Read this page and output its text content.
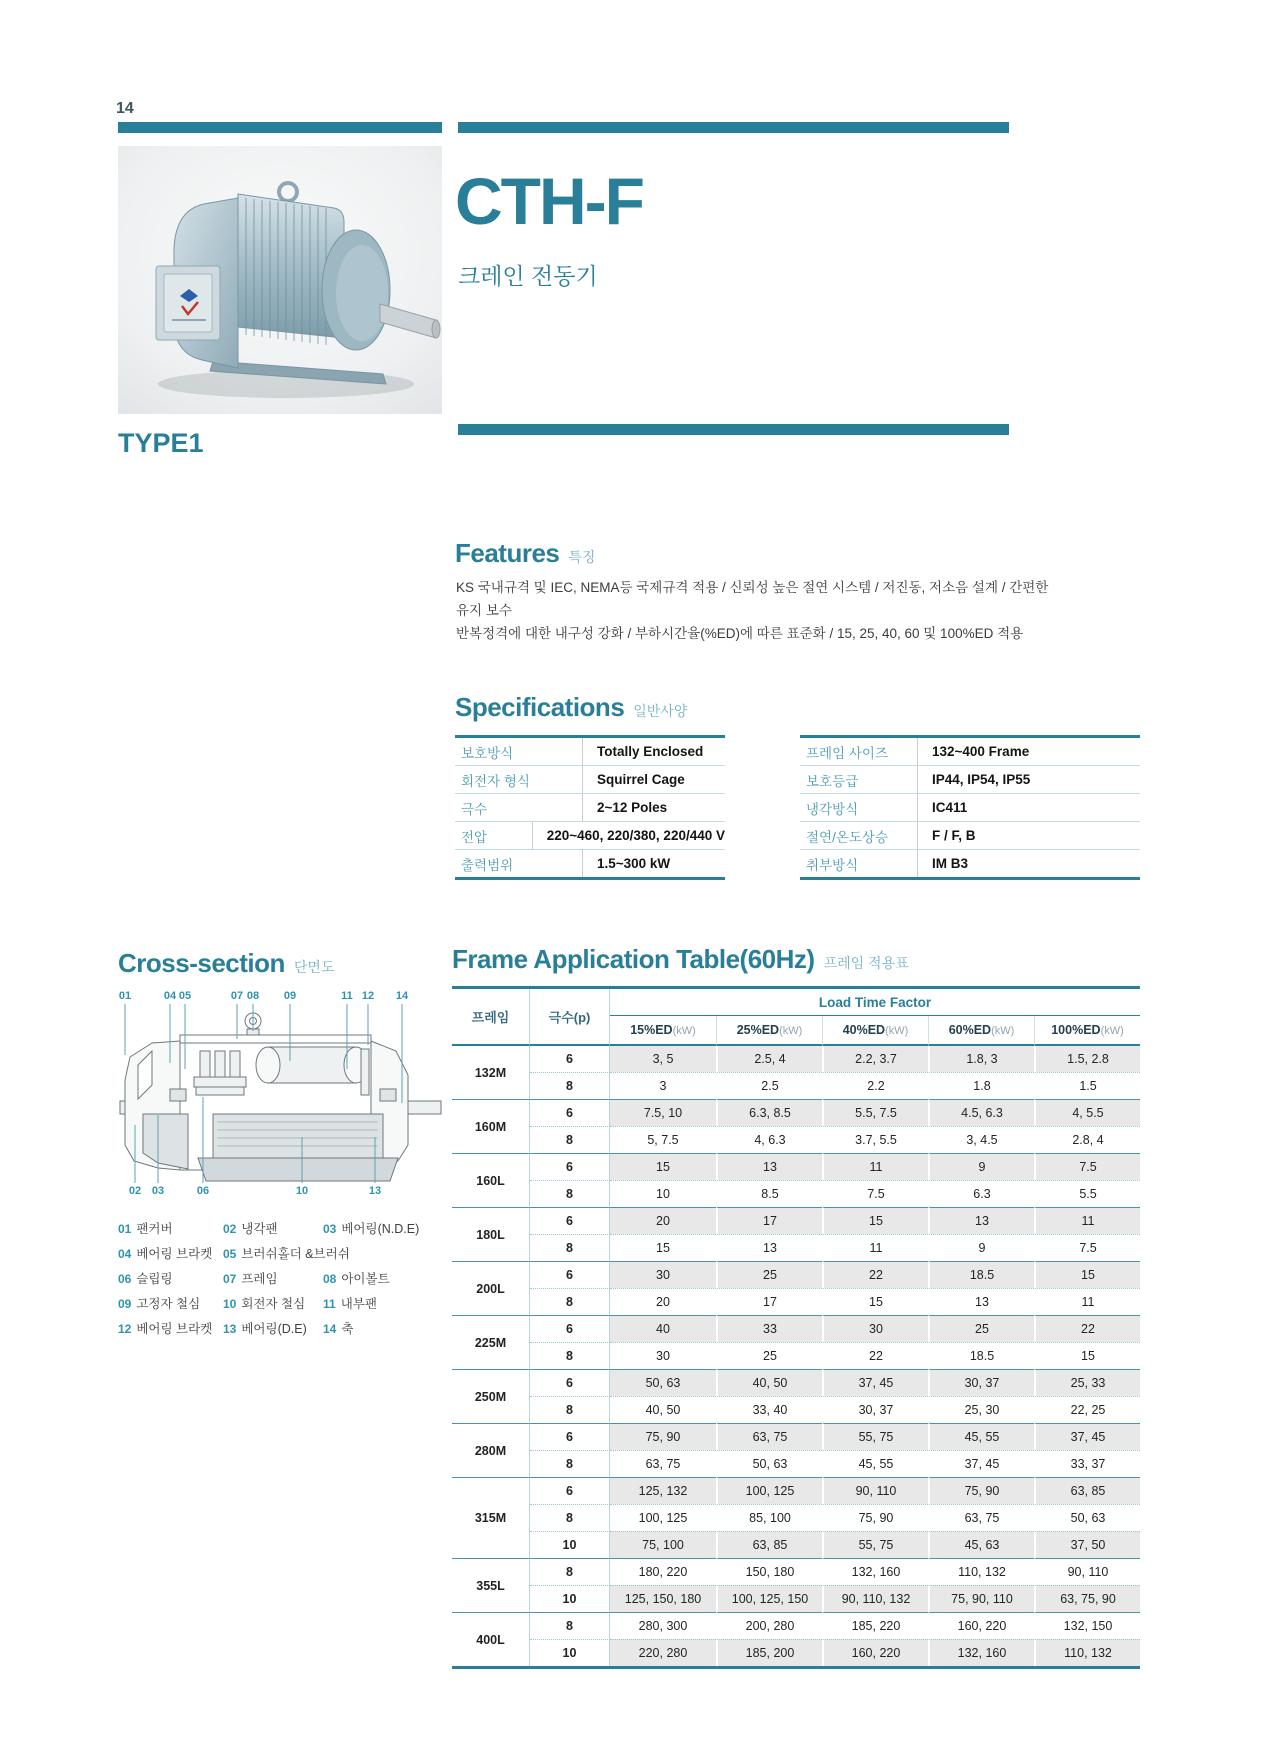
14
TYPE1
CTH-F
크레인 전동기
Features 특징
KS 국내규격 및 IEC, NEMA등 국제규격 적용 / 신뢰성 높은 절연 시스템 / 저진동, 저소음 설계 / 간편한 유지 보수
반복정격에 대한 내구성 강화 / 부하시간율(%ED)에 따른 표준화 / 15, 25, 40, 60 및 100%ED 적용
Specifications 일반사양
보호방식	Totally Enclosed
회전자 형식	Squirrel Cage
극수	2~12 Poles
전압	220~460, 220/380, 220/440 V
출력범위	1.5~300 kW
프레임 사이즈	132~400 Frame
보호등급	IP44, IP54, IP55
냉각방식	IC411
절연/온도상승	F / F, B
취부방식	IM B3
Cross-section 단면도
01	04 05	07 08 09	11 12 14
02 03	06	10	13
01 팬커버	02 냉각팬	03 베어링(N.D.E)
04 베어링 브라켓 05 브러쉬홀더 &브러쉬
06 슬립링	07 프레임	08 아이볼트
09 고정자 철심 10 회전자 철심 11 내부팬
12 베어링 브라켓 13 베어링(D.E) 14 축
Frame Application Table(60Hz) 프레임 적용표
프레임	극수(p)	Load Time Factor				
		15%ED(kW)	25%ED(kW)	40%ED(kW)	60%ED(kW)	100%ED(kW)
132M	6	3, 5	2.5, 4	2.2, 3.7	1.8, 3	1.5, 2.8
	8	3	2.5	2.2	1.8	1.5
160M	6	7.5, 10	6.3, 8.5	5.5, 7.5	4.5, 6.3	4, 5.5
	8	5, 7.5	4, 6.3	3.7, 5.5	3, 4.5	2.8, 4
160L	6	15	13	11	9	7.5
	8	10	8.5	7.5	6.3	5.5
180L	6	20	17	15	13	11
	8	15	13	11	9	7.5
200L	6	30	25	22	18.5	15
	8	20	17	15	13	11
225M	6	40	33	30	25	22
	8	30	25	22	18.5	15
250M	6	50, 63	40, 50	37, 45	30, 37	25, 33
	8	40, 50	33, 40	30, 37	25, 30	22, 25
280M	6	75, 90	63, 75	55, 75	45, 55	37, 45
	8	63, 75	50, 63	45, 55	37, 45	33, 37
315M	6	125, 132	100, 125	90, 110	75, 90	63, 85
	8	100, 125	85, 100	75, 90	63, 75	50, 63
	10	75, 100	63, 85	55, 75	45, 63	37, 50
355L	8	180, 220	150, 180	132, 160	110, 132	90, 110
	10	125, 150, 180	100, 125, 150	90, 110, 132	75, 90, 110	63, 75, 90
400L	8	280, 300	200, 280	185, 220	160, 220	132, 150
	10	220, 280	185, 200	160, 220	132, 160	110, 132
